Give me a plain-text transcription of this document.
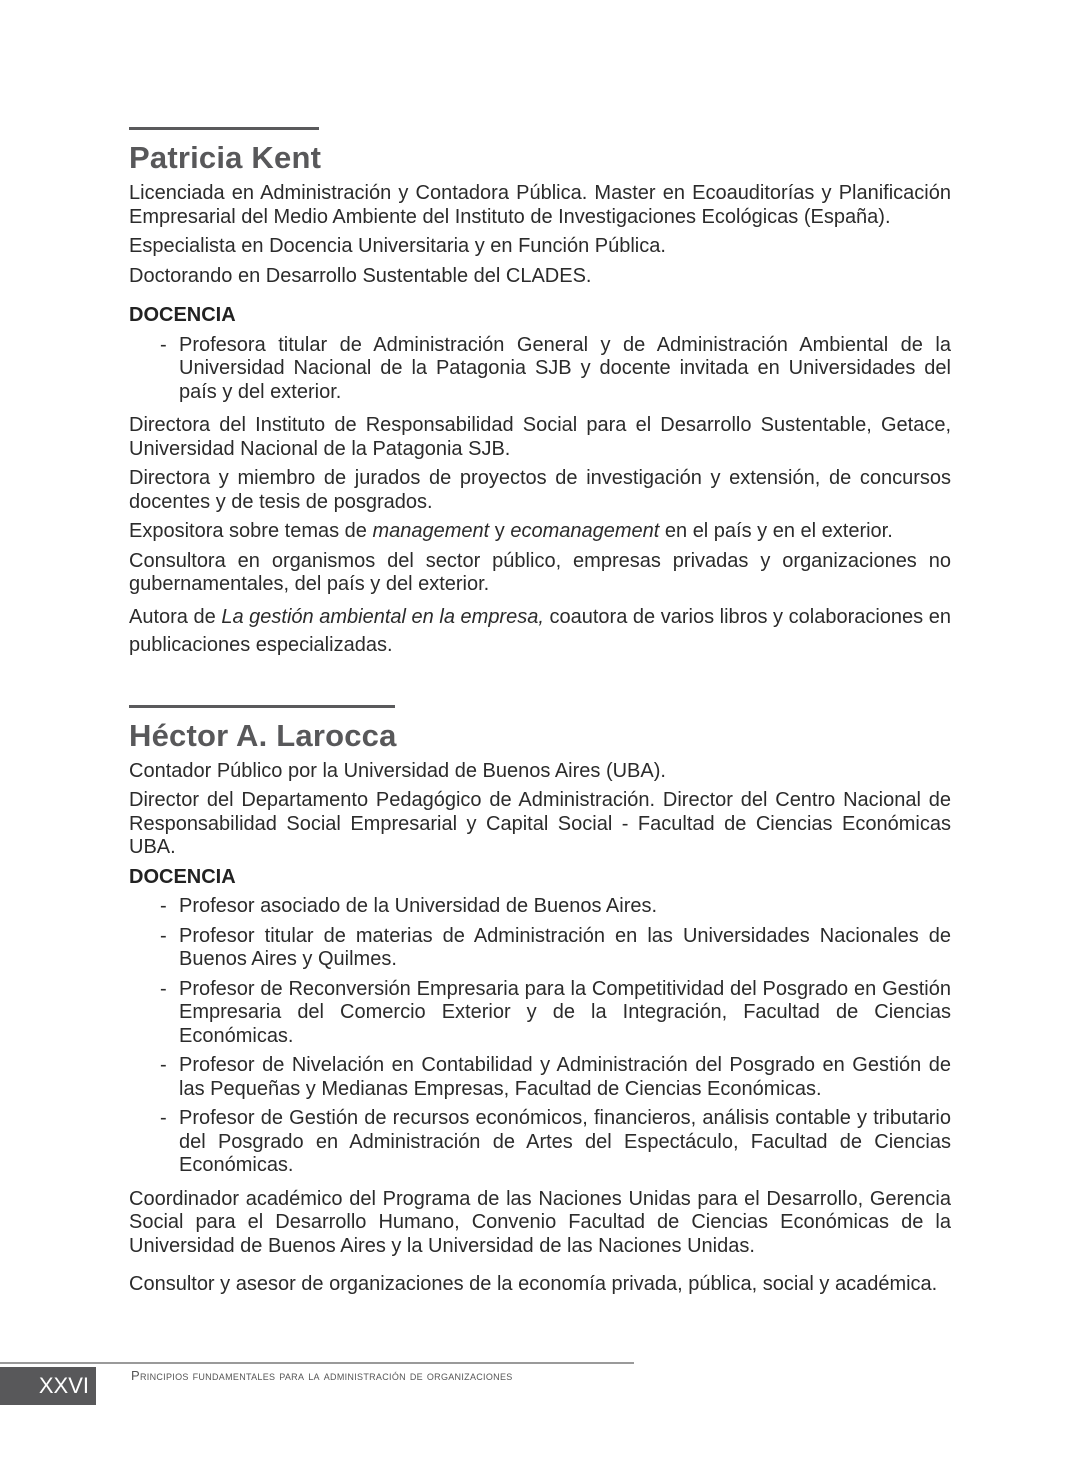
Patricia Kent

Licenciada en Administración y Contadora Pública. Master en Ecoauditorías y Planificación Empresarial del Medio Ambiente del Instituto de Investigaciones Ecológicas (España).

Especialista en Docencia Universitaria y en Función Pública.

Doctorando en Desarrollo Sustentable del CLADES.

DOCENCIA
- Profesora titular de Administración General y de Administración Ambiental de la Universidad Nacional de la Patagonia SJB y docente invitada en Universidades del país y del exterior.

Directora del Instituto de Responsabilidad Social para el Desarrollo Sustentable, Getace, Universidad Nacional de la Patagonia SJB.

Directora y miembro de jurados de proyectos de investigación y extensión, de concursos docentes y de tesis de posgrados.

Expositora sobre temas de management y ecomanagement en el país y en el exterior.

Consultora en organismos del sector público, empresas privadas y organizaciones no gubernamentales, del país y del exterior.

Autora de La gestión ambiental en la empresa, coautora de varios libros y colaboraciones en publicaciones especializadas.

Héctor A. Larocca

Contador Público por la Universidad de Buenos Aires (UBA).

Director del Departamento Pedagógico de Administración. Director del Centro Nacional de Responsabilidad Social Empresarial y Capital Social - Facultad de Ciencias Económicas UBA.

DOCENCIA
- Profesor asociado de la Universidad de Buenos Aires.
- Profesor titular de materias de Administración en las Universidades Nacionales de Buenos Aires y Quilmes.
- Profesor de Reconversión Empresaria para la Competitividad del Posgrado en Gestión Empresaria del Comercio Exterior y de la Integración, Facultad de Ciencias Económicas.
- Profesor de Nivelación en Contabilidad y Administración del Posgrado en Gestión de las Pequeñas y Medianas Empresas, Facultad de Ciencias Económicas.
- Profesor de Gestión de recursos económicos, financieros, análisis contable y tributario del Posgrado en Administración de Artes del Espectáculo, Facultad de Ciencias Económicas.

Coordinador académico del Programa de las Naciones Unidas para el Desarrollo, Gerencia Social para el Desarrollo Humano, Convenio Facultad de Ciencias Económicas de la Universidad de Buenos Aires y la Universidad de las Naciones Unidas.

Consultor y asesor de organizaciones de la economía privada, pública, social y académica.

XXVI	Principios fundamentales para la administración de organizaciones
